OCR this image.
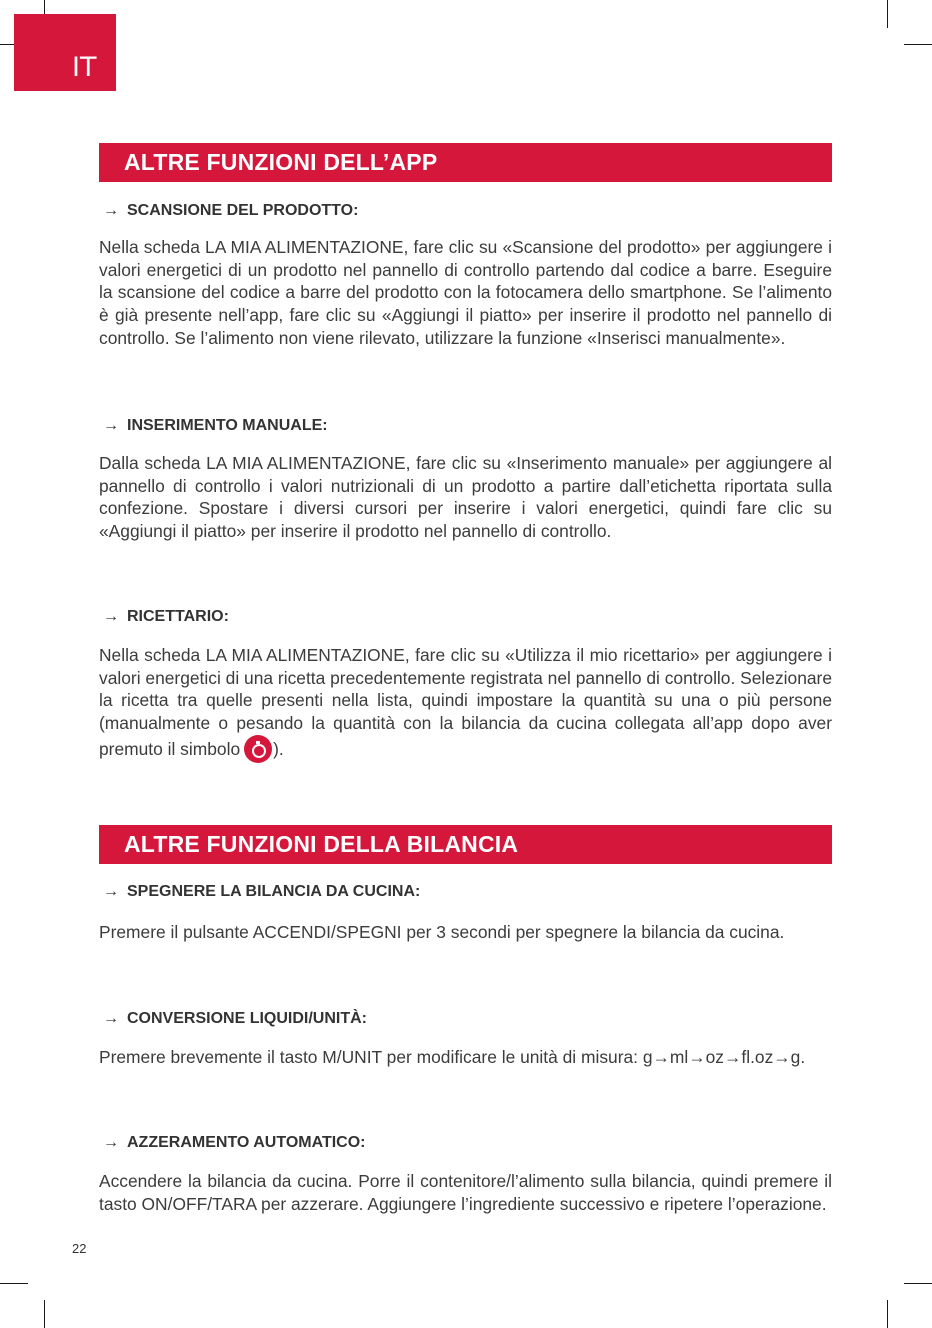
IT
ALTRE FUNZIONI DELL’APP
→ SCANSIONE DEL PRODOTTO:
Nella scheda LA MIA ALIMENTAZIONE, fare clic su «Scansione del prodotto» per aggiungere i valori energetici di un prodotto nel pannello di controllo partendo dal codice a barre. Eseguire la scansione del codice a barre del prodotto con la fotocamera dello smartphone. Se l’alimento è già presente nell’app, fare clic su «Aggiungi il piatto» per inserire il prodotto nel pannello di controllo. Se l’alimento non viene rilevato, utilizzare la funzione «Inserisci manualmente».
→ INSERIMENTO MANUALE:
Dalla scheda LA MIA ALIMENTAZIONE, fare clic su «Inserimento manuale» per aggiungere al pannello di controllo i valori nutrizionali di un prodotto a partire dall’etichetta riportata sulla confezione. Spostare i diversi cursori per inserire i valori energetici, quindi fare clic su «Aggiungi il piatto» per inserire il prodotto nel pannello di controllo.
→ RICETTARIO:
Nella scheda LA MIA ALIMENTAZIONE, fare clic su «Utilizza il mio ricettario» per aggiungere i valori energetici di una ricetta precedentemente registrata nel pannello di controllo. Selezionare la ricetta tra quelle presenti nella lista, quindi impostare la quantità su una o più persone (manualmente o pesando la quantità con la bilancia da cucina collegata all’app dopo aver premuto il simbolo ).
ALTRE FUNZIONI DELLA BILANCIA
→ SPEGNERE LA BILANCIA DA CUCINA:
Premere il pulsante ACCENDI/SPEGNI per 3 secondi per spegnere la bilancia da cucina.
→ CONVERSIONE LIQUIDI/UNITÀ:
Premere brevemente il tasto M/UNIT per modificare le unità di misura: g→ml→oz→fl.oz→g.
→ AZZERAMENTO AUTOMATICO:
Accendere la bilancia da cucina. Porre il contenitore/l’alimento sulla bilancia, quindi premere il tasto ON/OFF/TARA per azzerare. Aggiungere l’ingrediente successivo e ripetere l’operazione.
22
